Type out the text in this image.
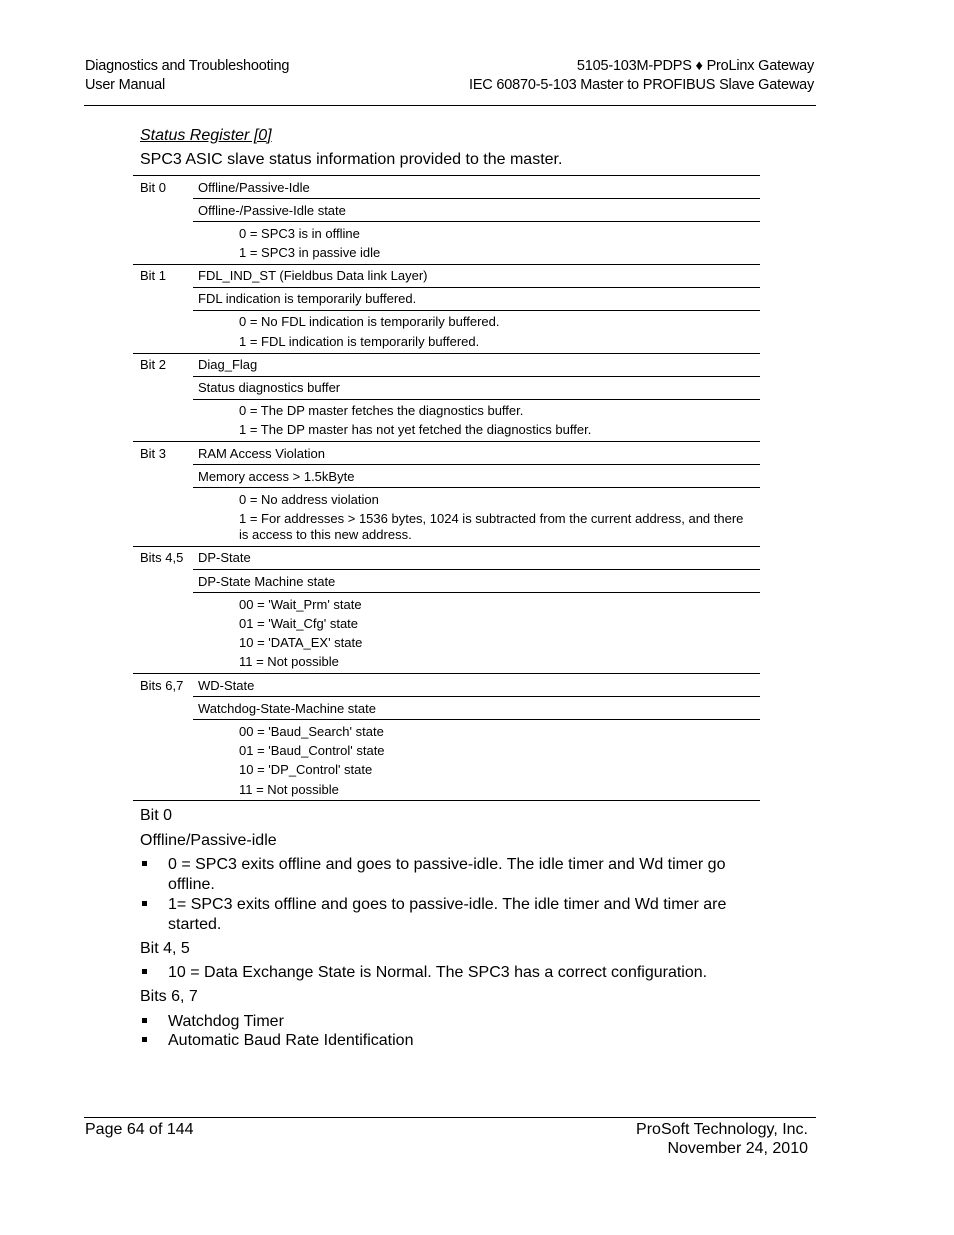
Diagnostics and Troubleshooting
User Manual
5105-103M-PDPS ♦ ProLinx Gateway
IEC 60870-5-103 Master to PROFIBUS Slave Gateway
Status Register [0]
SPC3 ASIC slave status information provided to the master.
Bit 0 Offline/Passive-Idle
Offline-/Passive-Idle state
0 = SPC3 is in offline
1 = SPC3 in passive idle
Bit 1 FDL_IND_ST (Fieldbus Data link Layer)
FDL indication is temporarily buffered.
0 = No FDL indication is temporarily buffered.
1 = FDL indication is temporarily buffered.
Bit 2 Diag_Flag
Status diagnostics buffer
0 = The DP master fetches the diagnostics buffer.
1 = The DP master has not yet fetched the diagnostics buffer.
Bit 3 RAM Access Violation
Memory access > 1.5kByte
0 = No address violation
1 = For addresses > 1536 bytes, 1024 is subtracted from the current address, and there is access to this new address.
Bits 4,5 DP-State
DP-State Machine state
00 = 'Wait_Prm' state
01 = 'Wait_Cfg' state
10 = 'DATA_EX' state
11 = Not possible
Bits 6,7 WD-State
Watchdog-State-Machine state
00 = 'Baud_Search' state
01 = 'Baud_Control' state
10 = 'DP_Control' state
11 = Not possible
Bit 0
Offline/Passive-idle
0 = SPC3 exits offline and goes to passive-idle. The idle timer and Wd timer go offline.
1= SPC3 exits offline and goes to passive-idle. The idle timer and Wd timer are started.
Bit 4, 5
10 = Data Exchange State is Normal. The SPC3 has a correct configuration.
Bits 6, 7
Watchdog Timer
Automatic Baud Rate Identification
Page 64 of 144	ProSoft Technology, Inc.
November 24, 2010
